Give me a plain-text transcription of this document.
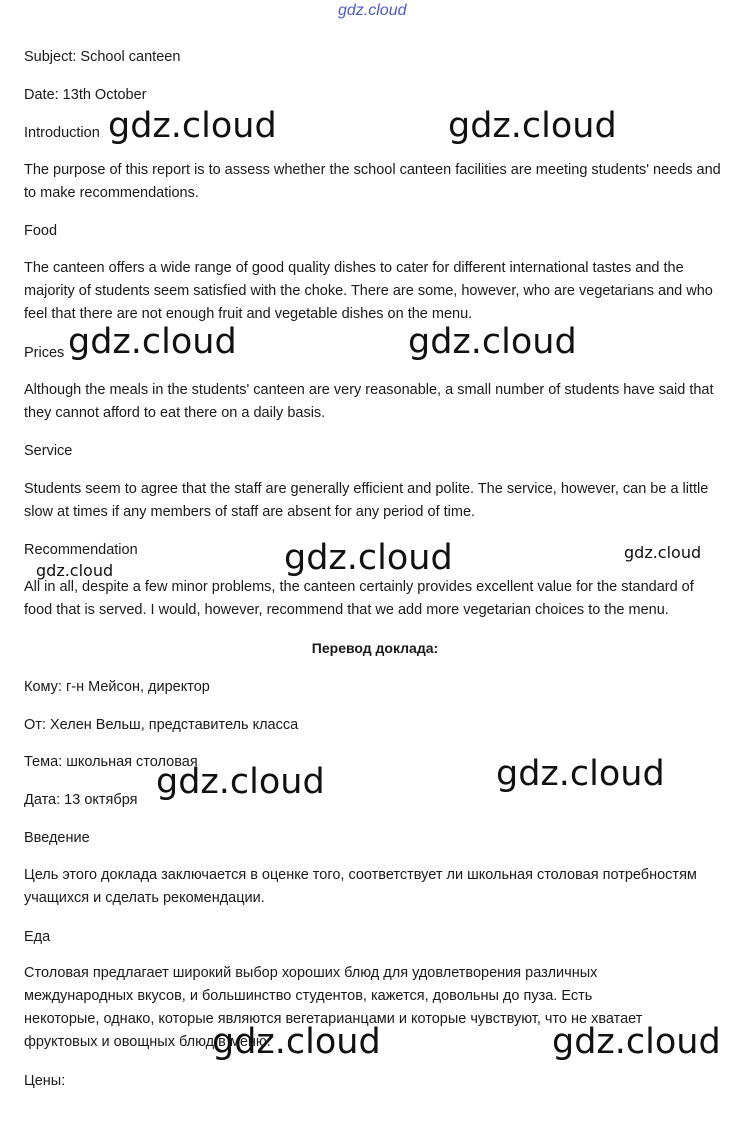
gdz.cloud
Subject: School canteen
Date: 13th October
Introduction
The purpose of this report is to assess whether the school canteen facilities are meeting students' needs and to make recommendations.
Food
The canteen offers a wide range of good quality dishes to cater for different international tastes and the majority of students seem satisfied with the choke. There are some, however, who are vegetarians and who feel that there are not enough fruit and vegetable dishes on the menu.
Prices
Although the meals in the students' canteen are very reasonable, a small number of students have said that they cannot afford to eat there on a daily basis.
Service
Students seem to agree that the staff are generally efficient and polite. The service, however, can be a little slow at times if any members of staff are absent for any period of time.
Recommendation
All in all, despite a few minor problems, the canteen certainly provides excellent value for the standard of food that is served. I would, however, recommend that we add more vegetarian choices to the menu.
Перевод доклада:
Кому: г-н Мейсон, директор
От: Хелен Вельш, представитель класса
Тема: школьная столовая
Дата: 13 октября
Введение
Цель этого доклада заключается в оценке того, соответствует ли школьная столовая потребностям учащихся и сделать рекомендации.
Еда
Столовая предлагает широкий выбор хороших блюд для удовлетворения различных международных вкусов, и большинство студентов, кажется, довольны до пуза. Есть некоторые, однако, которые являются вегетарианцами и которые чувствуют, что не хватает фруктовых и овощных блюд в меню.
Цены:
gdz.cloud	gdz.cloud
gdz.cloud	gdz.cloud
gdz.cloud	gdz.cloud
gdz.cloud
gdz.cloud	gdz.cloud
gdz.cloud	gdz.cloud
